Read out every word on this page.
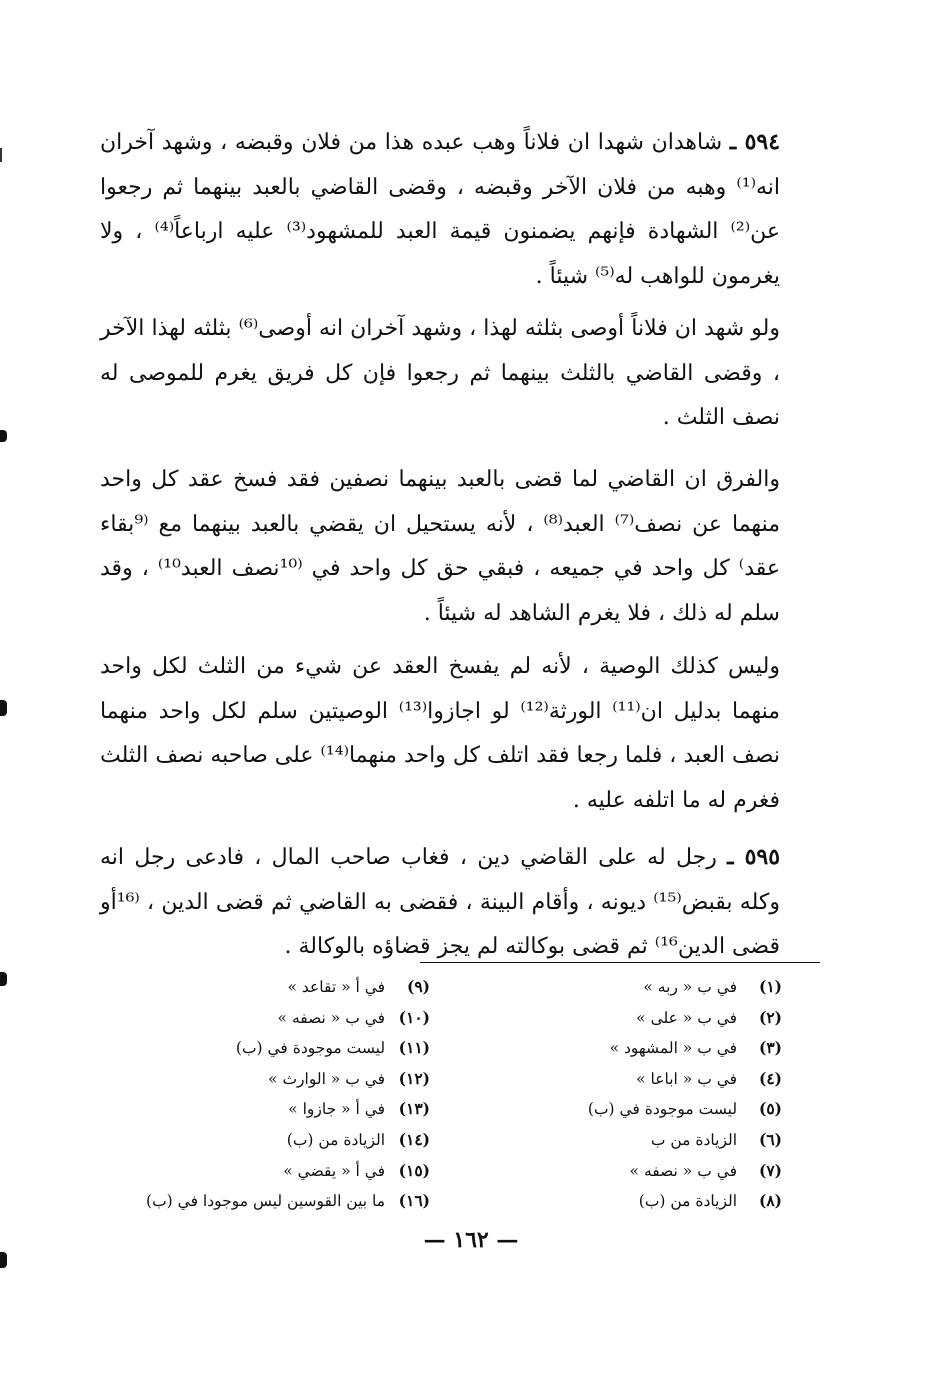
٥٩٤ ـ شاهدان شهدا ان فلاناً وهب عبده هذا من فلان وقبضه ، وشهد آخران انه⁽¹⁾ وهبه من فلان الآخر وقبضه ، وقضى القاضي بالعبد بينهما ثم رجعوا عن⁽²⁾ الشهادة فإنهم يضمنون قيمة العبد للمشهود⁽³⁾ عليه ارباعاً⁽⁴⁾ ، ولا يغرمون للواهب له⁽⁵⁾ شيئاً .
ولو شهد ان فلاناً أوصى بثلثه لهذا ، وشهد آخران انه أوصى⁽⁶⁾ بثلثه لهذا الآخر ، وقضى القاضي بالثلث بينهما ثم رجعوا فإن كل فريق يغرم للموصى له نصف الثلث .
والفرق ان القاضي لما قضى بالعبد بينهما نصفين فقد فسخ عقد كل واحد منهما عن نصف⁽⁷⁾ العبد⁽⁸⁾ ، لأنه يستحيل ان يقضي بالعبد بينهما مع ⁽⁹بقاء عقد⁾ كل واحد في جميعه ، فبقي حق كل واحد في ⁽¹⁰نصف العبد¹⁰⁾ ، وقد سلم له ذلك ، فلا يغرم الشاهد له شيئاً .
وليس كذلك الوصية ، لأنه لم يفسخ العقد عن شيء من الثلث لكل واحد منهما بدليل ان⁽¹¹⁾ الورثة⁽¹²⁾ لو اجازوا⁽¹³⁾ الوصيتين سلم لكل واحد منهما نصف العبد ، فلما رجعا فقد اتلف كل واحد منهما⁽¹⁴⁾ على صاحبه نصف الثلث فغرم له ما اتلفه عليه .
٥٩٥ ـ رجل له على القاضي دين ، فغاب صاحب المال ، فادعى رجل انه وكله بقبض⁽¹⁵⁾ ديونه ، وأقام البينة ، فقضى به القاضي ثم قضى الدين ، ⁽¹⁶أو قضى الدين¹⁶⁾ ثم قضى بوكالته لم يجز قضاؤه بالوكالة .
(١) في ب « ربه »
(٢) في ب « على »
(٣) في ب « المشهود »
(٤) في ب « اباعا »
(٥) ليست موجودة في (ب)
(٦) الزيادة من ب
(٧) في ب « نصفه »
(٨) الزيادة من (ب)
(٩) في أ « تقاعد »
(١٠) في ب « نصفه »
(١١) ليست موجودة في (ب)
(١٢) في ب « الوارث »
(١٣) في أ « جازوا »
(١٤) الزيادة من (ب)
(١٥) في أ « يقضي »
(١٦) ما بين القوسين ليس موجودا في (ب)
— ١٦٢ —
